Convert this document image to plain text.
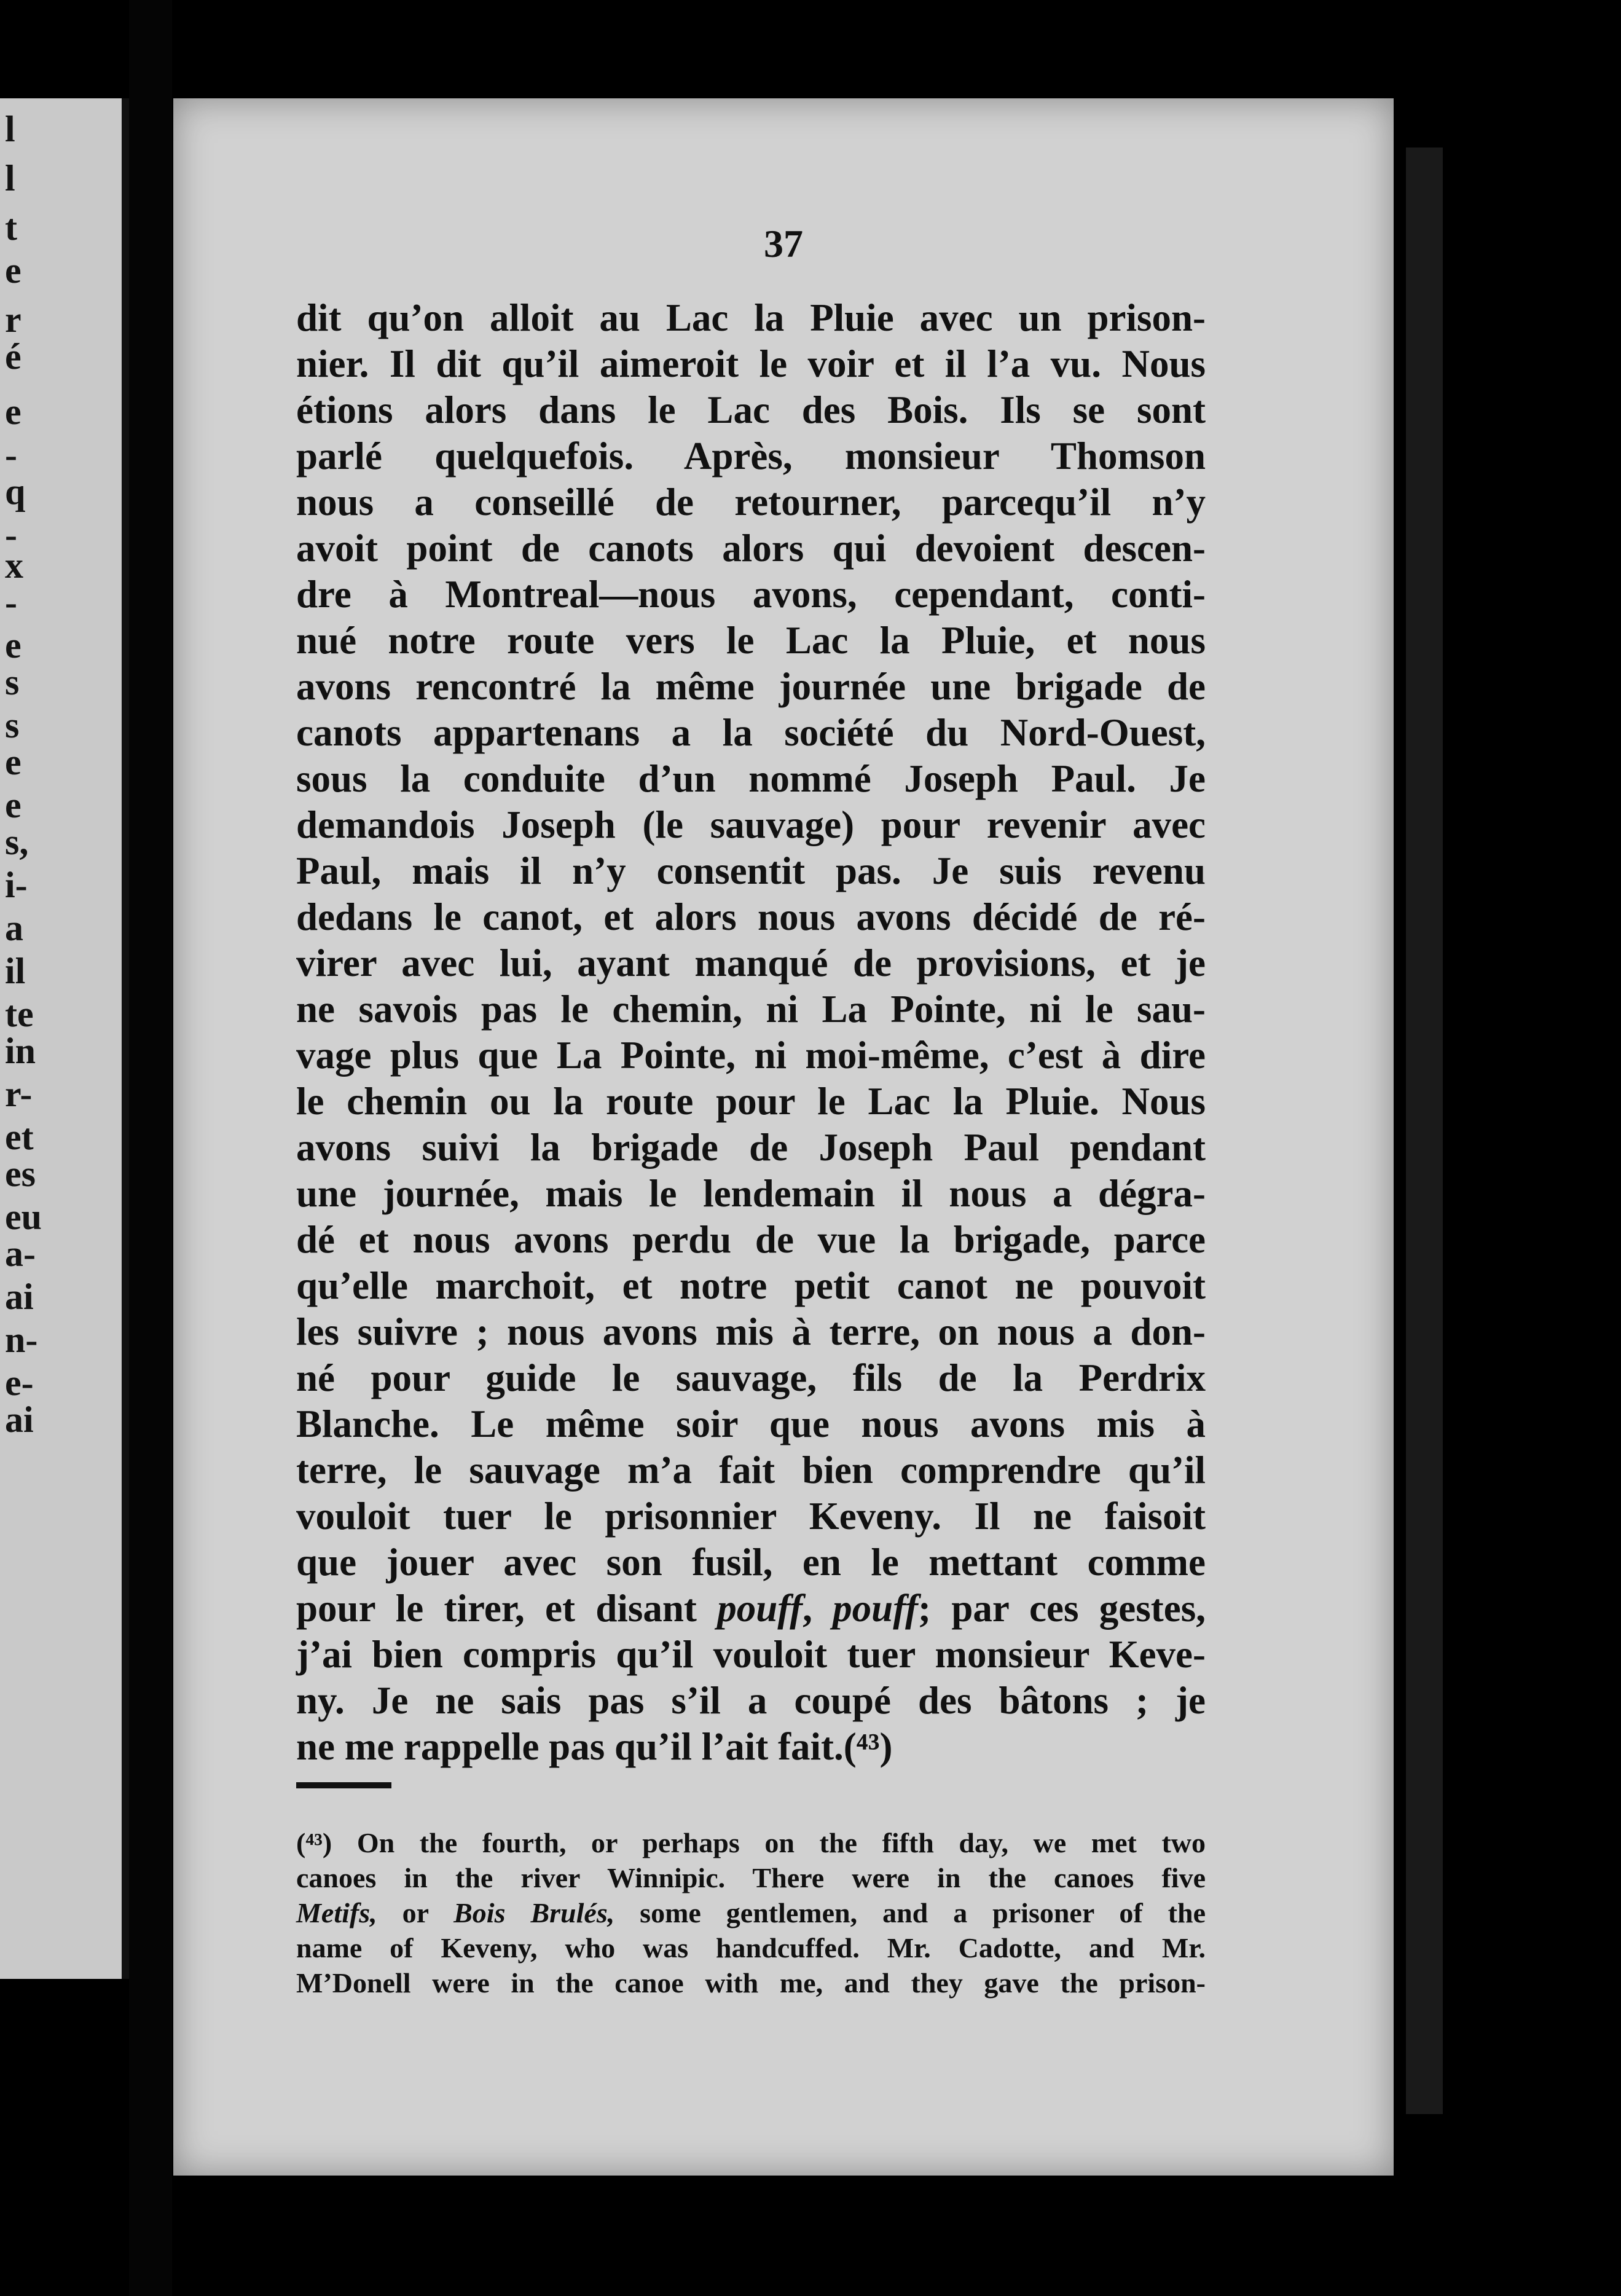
ai
e-
n-
ai
a-
eu
es
et
r-
in
te
il
a
i-
s,
e
e
s
s
e
-
x
-
q
-
e
é
r
e
t
l
l
37
dit qu’on alloit au Lac la Pluie avec un prison-
nier. Il dit qu’il aimeroit le voir et il l’a vu. Nous
étions alors dans le Lac des Bois. Ils se sont
parlé quelquefois. Après, monsieur Thomson
nous a conseillé de retourner, parcequ’il n’y
avoit point de canots alors qui devoient descen-
dre à Montreal—nous avons, cependant, conti-
nué notre route vers le Lac la Pluie, et nous
avons rencontré la même journée une brigade de
canots appartenans a la société du Nord-Ouest,
sous la conduite d’un nommé Joseph Paul. Je
demandois Joseph (le sauvage) pour revenir avec
Paul, mais il n’y consentit pas. Je suis revenu
dedans le canot, et alors nous avons décidé de ré-
virer avec lui, ayant manqué de provisions, et je
ne savois pas le chemin, ni La Pointe, ni le sau-
vage plus que La Pointe, ni moi-même, c’est à dire
le chemin ou la route pour le Lac la Pluie. Nous
avons suivi la brigade de Joseph Paul pendant
une journée, mais le lendemain il nous a dégra-
dé et nous avons perdu de vue la brigade, parce
qu’elle marchoit, et notre petit canot ne pouvoit
les suivre ; nous avons mis à terre, on nous a don-
né pour guide le sauvage, fils de la Perdrix
Blanche. Le même soir que nous avons mis à
terre, le sauvage m’a fait bien comprendre qu’il
vouloit tuer le prisonnier Keveny. Il ne faisoit
que jouer avec son fusil, en le mettant comme
pour le tirer, et disant pouff, pouff; par ces gestes,
j’ai bien compris qu’il vouloit tuer monsieur Keve-
ny. Je ne sais pas s’il a coupé des bâtons ; je
ne me rappelle pas qu’il l’ait fait.(⁴³)
(⁴³) On the fourth, or perhaps on the fifth day, we met two
canoes in the river Winnipic. There were in the canoes five
Metifs, or Bois Brulés, some gentlemen, and a prisoner of the
name of Keveny, who was handcuffed. Mr. Cadotte, and Mr.
M’Donell were in the canoe with me, and they gave the prison-
